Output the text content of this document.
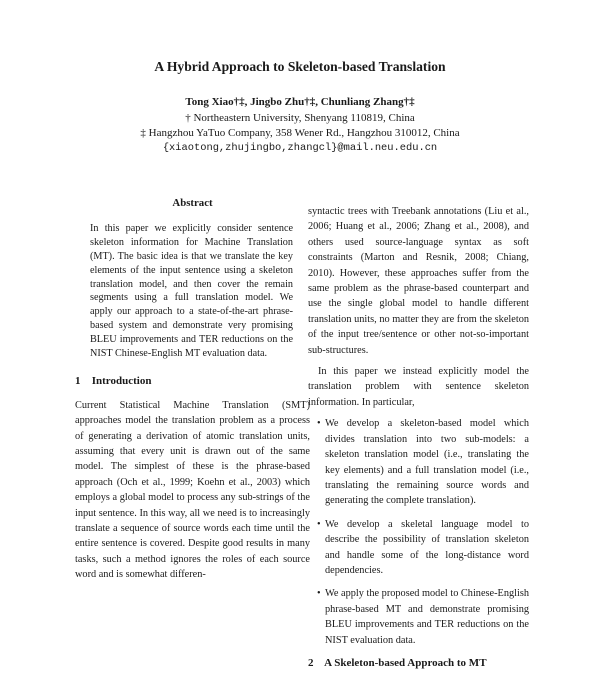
A Hybrid Approach to Skeleton-based Translation
Tong Xiao†‡, Jingbo Zhu†‡, Chunliang Zhang†‡
† Northeastern University, Shenyang 110819, China
‡ Hangzhou YaTuo Company, 358 Wener Rd., Hangzhou 310012, China
{xiaotong,zhujingbo,zhangcl}@mail.neu.edu.cn
Abstract

In this paper we explicitly consider sentence skeleton information for Machine Translation (MT). The basic idea is that we translate the key elements of the input sentence using a skeleton translation model, and then cover the remain segments using a full translation model. We apply our approach to a state-of-the-art phrase-based system and demonstrate very promising BLEU improvements and TER reductions on the NIST Chinese-English MT evaluation data.

1 Introduction

Current Statistical Machine Translation (SMT) approaches model the translation problem as a process of generating a derivation of atomic translation units, assuming that every unit is drawn out of the same model. The simplest of these is the phrase-based approach (Och et al., 1999; Koehn et al., 2003) which employs a global model to process any sub-strings of the input sentence. In this way, all we need is to increasingly translate a sequence of source words each time until the entire sentence is covered. Despite good results in many tasks, such a method ignores the roles of each source word and is somewhat differen-

syntactic trees with Treebank annotations (Liu et al., 2006; Huang et al., 2006; Zhang et al., 2008), and others used source-language syntax as soft constraints (Marton and Resnik, 2008; Chiang, 2010). However, these approaches suffer from the same problem as the phrase-based counterpart and use the single global model to handle different translation units, no matter they are from the skeleton of the input tree/sentence or other not-so-important sub-structures.

In this paper we instead explicitly model the translation problem with sentence skeleton information. In particular,

• We develop a skeleton-based model which divides translation into two sub-models: a skeleton translation model (i.e., translating the key elements) and a full translation model (i.e., translating the remaining source words and generating the complete translation).
• We develop a skeletal language model to describe the possibility of translation skeleton and handle some of the long-distance word dependencies.
• We apply the proposed model to Chinese-English phrase-based MT and demonstrate promising BLEU improvements and TER reductions on the NIST evaluation data.
2 A Skeleton-based Approach to MT
